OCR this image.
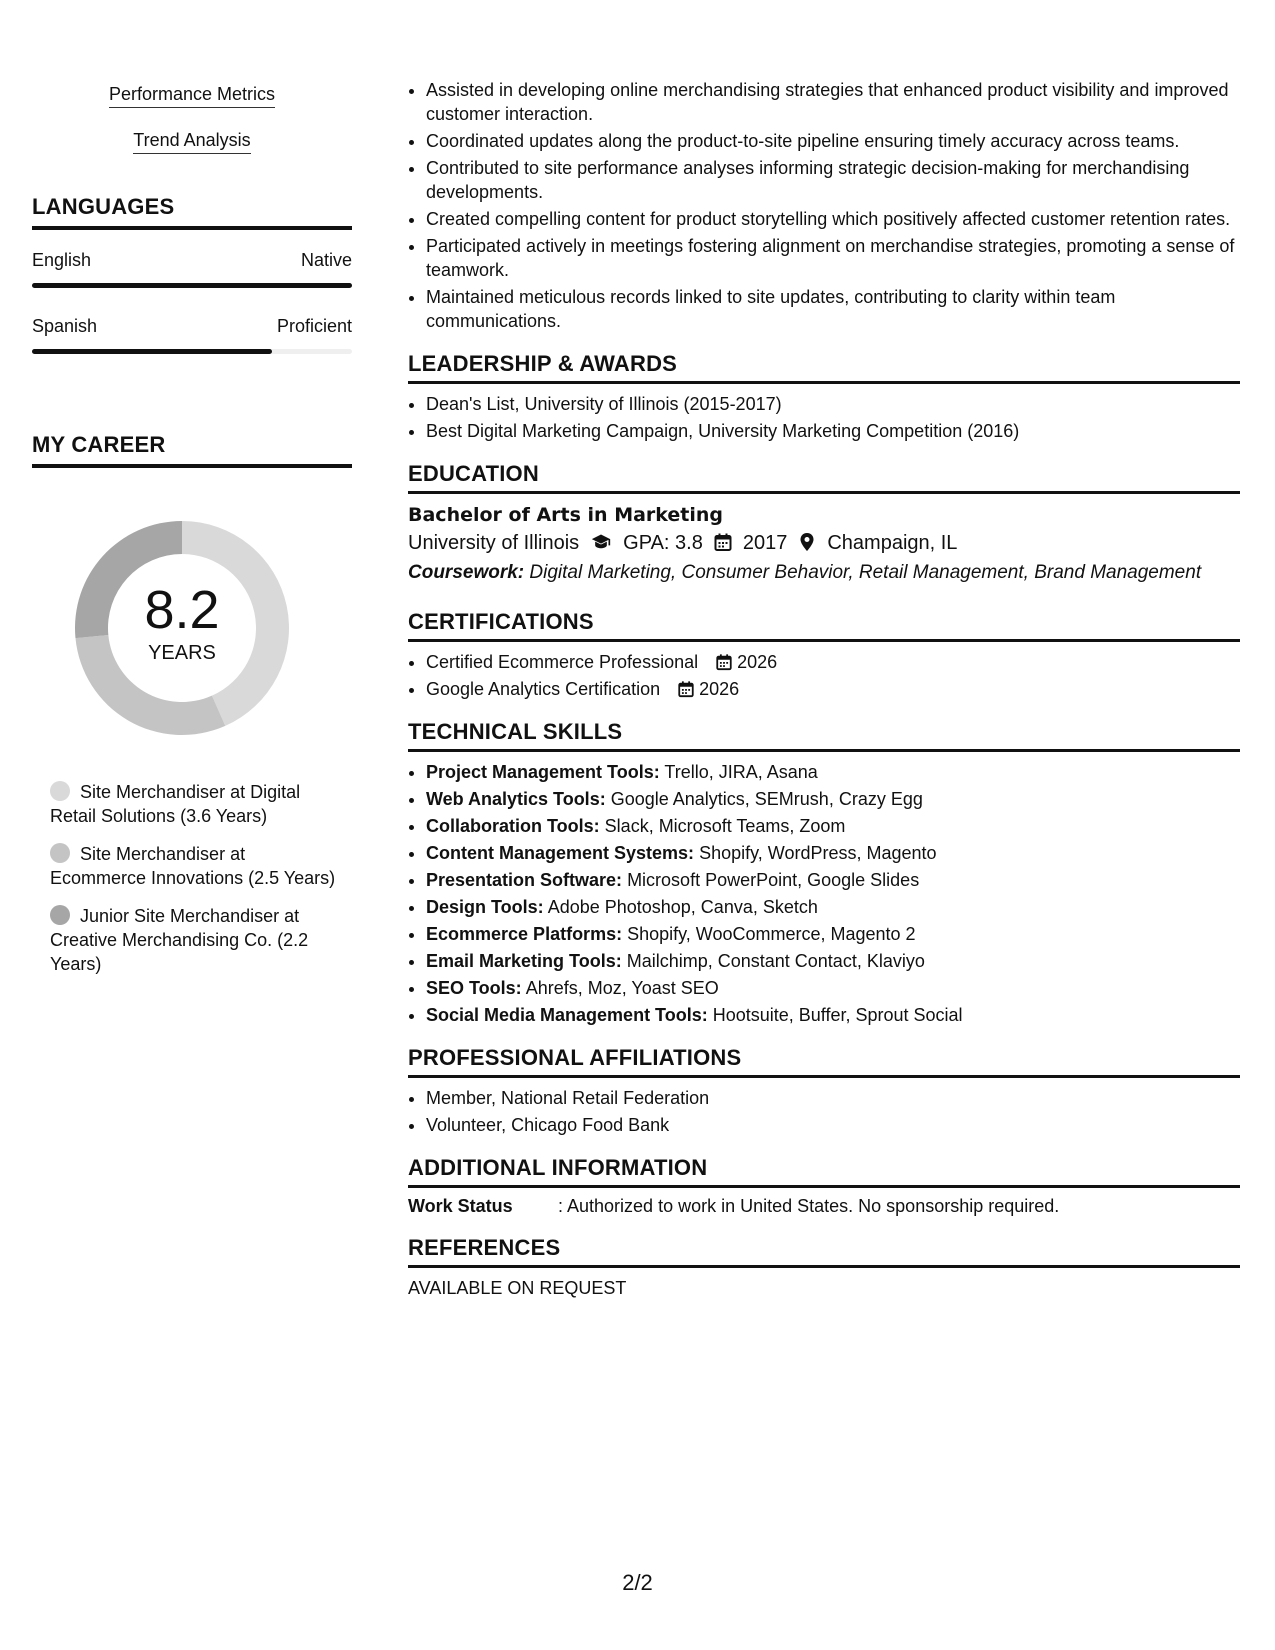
Performance Metrics
Trend Analysis
LANGUAGES
English	Native
Spanish	Proficient
MY CAREER
8.2
YEARS
Site Merchandiser at Digital Retail Solutions (3.6 Years)
Site Merchandiser at Ecommerce Innovations (2.5 Years)
Junior Site Merchandiser at Creative Merchandising Co. (2.2 Years)
• Assisted in developing online merchandising strategies that enhanced product visibility and improved customer interaction.
• Coordinated updates along the product-to-site pipeline ensuring timely accuracy across teams.
• Contributed to site performance analyses informing strategic decision-making for merchandising developments.
• Created compelling content for product storytelling which positively affected customer retention rates.
• Participated actively in meetings fostering alignment on merchandise strategies, promoting a sense of teamwork.
• Maintained meticulous records linked to site updates, contributing to clarity within team communications.
LEADERSHIP & AWARDS
• Dean's List, University of Illinois (2015-2017)
• Best Digital Marketing Campaign, University Marketing Competition (2016)
EDUCATION
Bachelor of Arts in Marketing
University of Illinois GPA: 3.8 2017 Champaign, IL
Coursework: Digital Marketing, Consumer Behavior, Retail Management, Brand Management
CERTIFICATIONS
• Certified Ecommerce Professional 2026
• Google Analytics Certification 2026
TECHNICAL SKILLS
• Project Management Tools: Trello, JIRA, Asana
• Web Analytics Tools: Google Analytics, SEMrush, Crazy Egg
• Collaboration Tools: Slack, Microsoft Teams, Zoom
• Content Management Systems: Shopify, WordPress, Magento
• Presentation Software: Microsoft PowerPoint, Google Slides
• Design Tools: Adobe Photoshop, Canva, Sketch
• Ecommerce Platforms: Shopify, WooCommerce, Magento 2
• Email Marketing Tools: Mailchimp, Constant Contact, Klaviyo
• SEO Tools: Ahrefs, Moz, Yoast SEO
• Social Media Management Tools: Hootsuite, Buffer, Sprout Social
PROFESSIONAL AFFILIATIONS
• Member, National Retail Federation
• Volunteer, Chicago Food Bank
ADDITIONAL INFORMATION
Work Status	: Authorized to work in United States. No sponsorship required.
REFERENCES
AVAILABLE ON REQUEST
2/2
